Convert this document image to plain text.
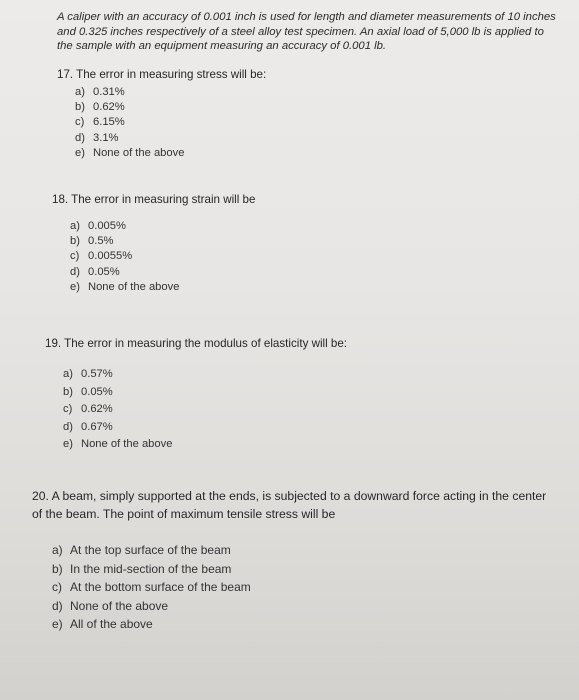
A caliper with an accuracy of 0.001 inch is used for length and diameter measurements of 10 inches and 0.325 inches respectively of a steel alloy test specimen. An axial load of 5,000 lb is applied to the sample with an equipment measuring an accuracy of 0.001 lb.

17. The error in measuring stress will be:
a) 0.31%
b) 0.62%
c) 6.15%
d) 3.1%
e) None of the above
18. The error in measuring strain will be
a) 0.005%
b) 0.5%
c) 0.0055%
d) 0.05%
e) None of the above
19. The error in measuring the modulus of elasticity will be:
a) 0.57%
b) 0.05%
c) 0.62%
d) 0.67%
e) None of the above
20. A beam, simply supported at the ends, is subjected to a downward force acting in the center of the beam. The point of maximum tensile stress will be
a) At the top surface of the beam
b) In the mid-section of the beam
c) At the bottom surface of the beam
d) None of the above
e) All of the above
